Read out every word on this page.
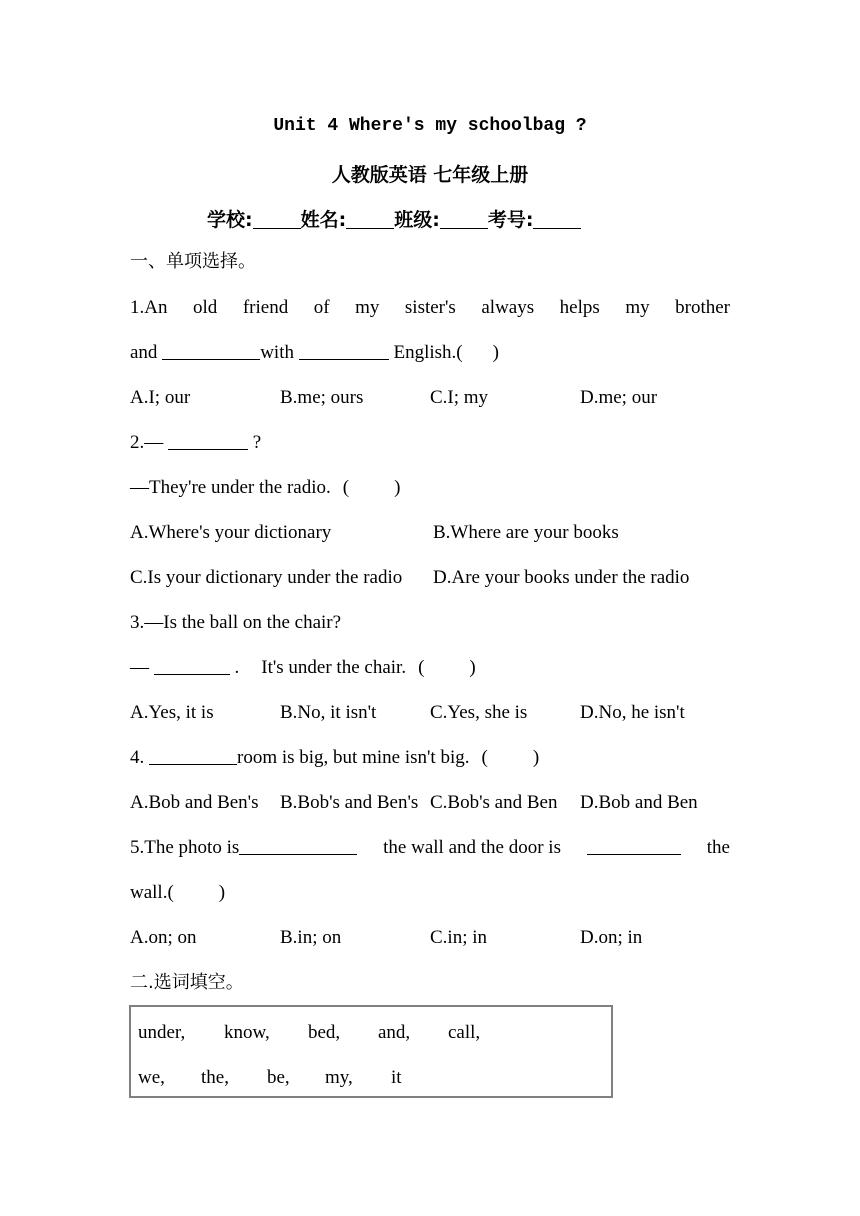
Unit 4 Where's my schoolbag ?
人教版英语 七年级上册
学校:	姓名:	班级:	考号:
一、单项选择。
1.An old friend of my sister's always helps my brother
and	with	English.( )
A.I; our	B.me; ours	C.I; my	D.me; our
2.—	?
—They're under the radio. ( )
A.Where's your dictionary	B.Where are your books
C.Is your dictionary under the radio D.Are your books under the radio
3.—Is the ball on the chair?
—	. It's under the chair. ( )
A.Yes, it is	B.No, it isn't	C.Yes, she is	D.No, he isn't
4.	room is big, but mine isn't big. ( )
A.Bob and Ben's B.Bob's and Ben's C.Bob's and Ben D.Bob and Ben
5.The photo is	the wall and the door is	the
wall.( )
A.on; on	B.in; on	C.in; in	D.on; in
二.选词填空。
under, know, bed, and, call,
we, the, be, my, it
